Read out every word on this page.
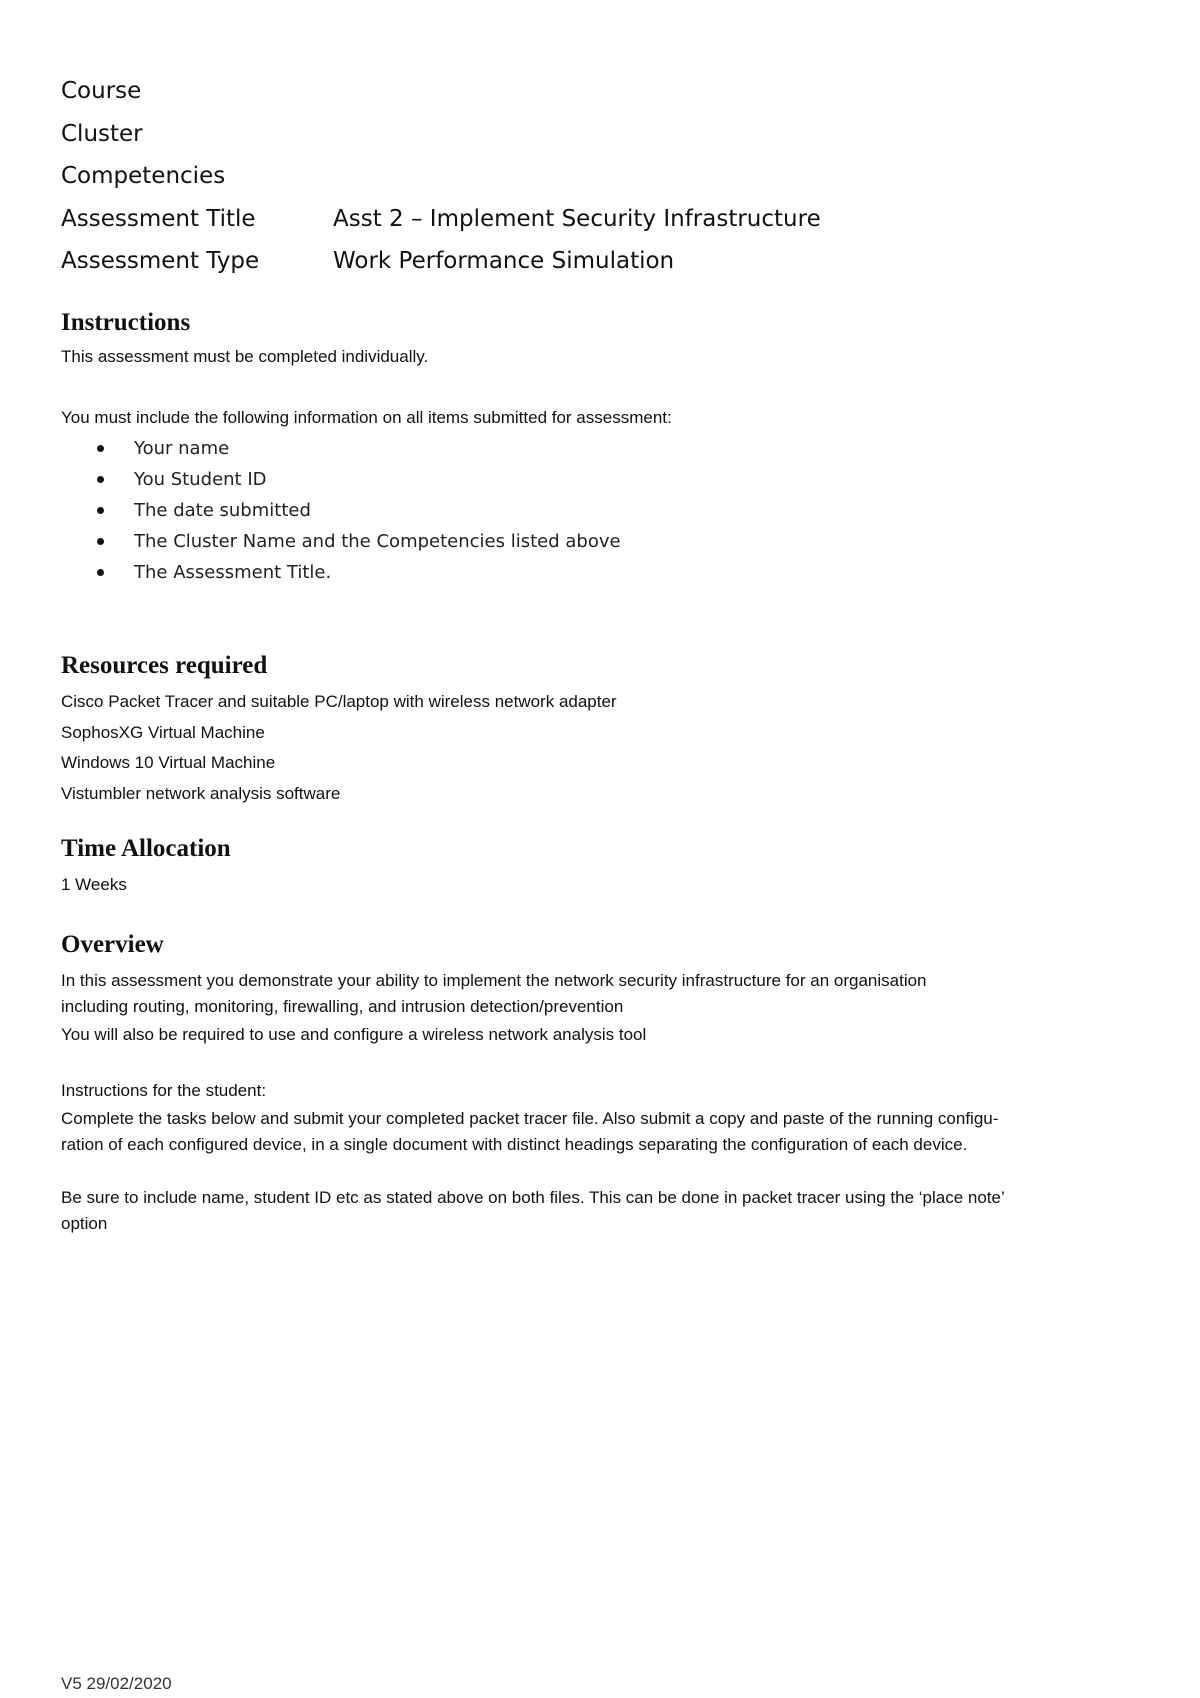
Course
Cluster
Competencies
Assessment Title	Asst 2 – Implement Security Infrastructure
Assessment Type	Work Performance Simulation
Instructions
This assessment must be completed individually.
You must include the following information on all items submitted for assessment:
Your name
You Student ID
The date submitted
The Cluster Name and the Competencies listed above
The Assessment Title.
Resources required
Cisco Packet Tracer and suitable PC/laptop with wireless network adapter
SophosXG Virtual Machine
Windows 10 Virtual Machine
Vistumbler network analysis software
Time Allocation
1 Weeks
Overview
In this assessment you demonstrate your ability to implement the network security infrastructure for an organisation
including routing, monitoring, firewalling, and intrusion detection/prevention
You will also be required to use and configure a wireless network analysis tool
Instructions for the student:
Complete the tasks below and submit your completed packet tracer file. Also submit a copy and paste of the running configu-
ration of each configured device, in a single document with distinct headings separating the configuration of each device.
Be sure to include name, student ID etc as stated above on both files. This can be done in packet tracer using the ‘place note’
option
V5 29/02/2020
